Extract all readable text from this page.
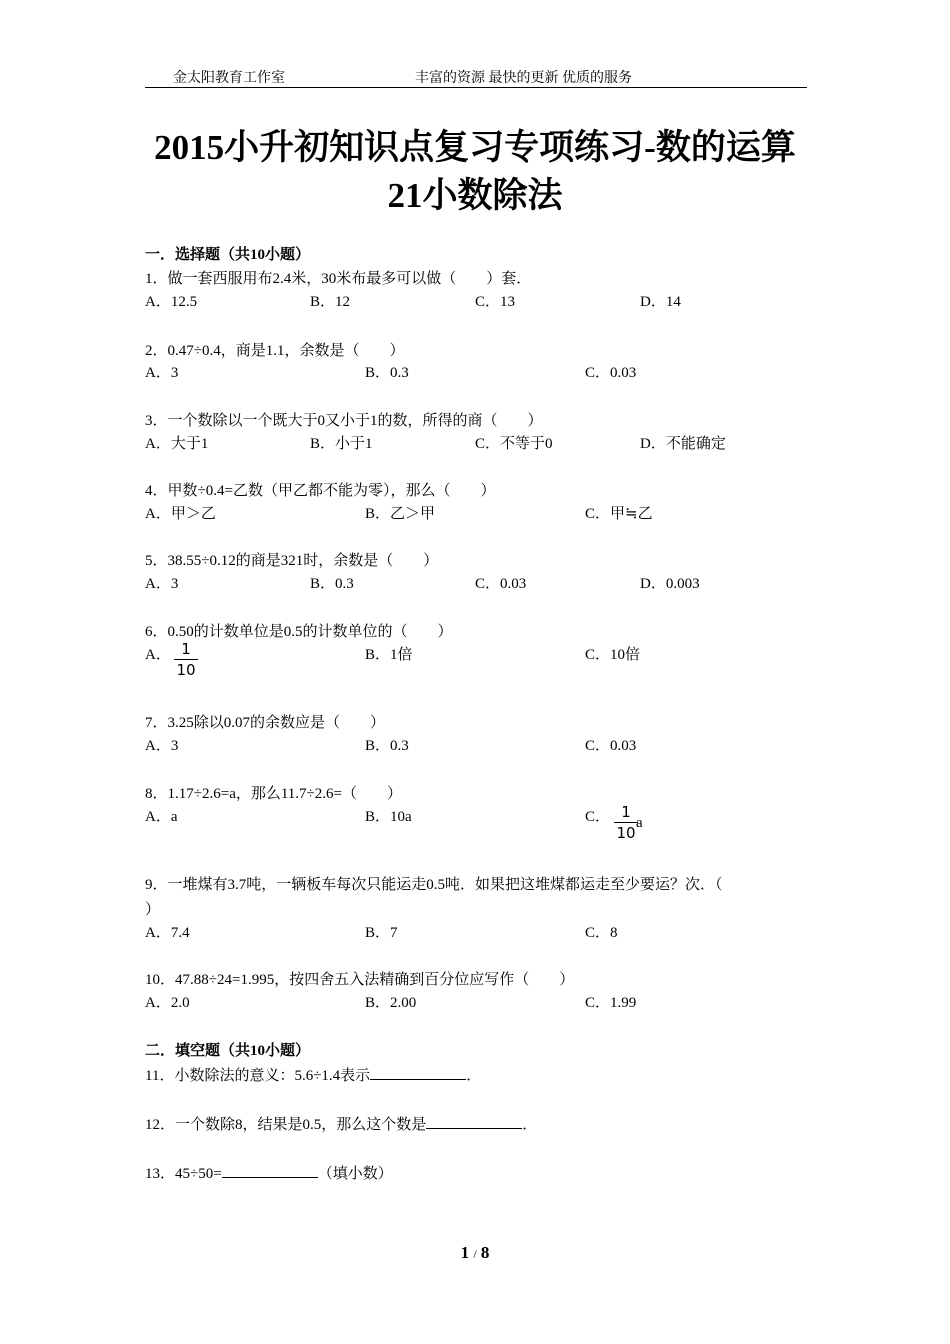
金太阳教育工作室	丰富的资源 最快的更新 优质的服务
2015小升初知识点复习专项练习-数的运算
21小数除法
一．选择题（共10小题）
1．做一套西服用布2.4米，30米布最多可以做（　　）套．
A．12.5	B．12	C．13	D．14
2．0.47÷0.4，商是1.1，余数是（　　）
A．3	B．0.3	C．0.03
3．一个数除以一个既大于0又小于1的数，所得的商（　　）
A．大于1	B．小于1	C．不等于0	D．不能确定
4．甲数÷0.4=乙数（甲乙都不能为零），那么（　　）
A．甲＞乙	B．乙＞甲	C．甲≒乙
5．38.55÷0.12的商是321时，余数是（　　）
A．3	B．0.3	C．0.03	D．0.003
6．0.50的计数单位是0.5的计数单位的（　　）
A． 1
10
B．1倍	C．10倍
7．3.25除以0.07的余数应是（　　）
A．3	B．0.3	C．0.03
8．1.17÷2.6=a，那么11.7÷2.6=（　　）
A．a	B．10a	C． 1
10
a
9．一堆煤有3.7吨，一辆板车每次只能运走0.5吨．如果把这堆煤都运走至少要运？次．（
）
A．7.4	B．7	C．8
10．47.88÷24=1.995，按四舍五入法精确到百分位应写作（　　）
A．2.0	B．2.00	C．1.99
二．填空题（共10小题）
11．小数除法的意义：5.6÷1.4表示	．
12．一个数除8，结果是0.5，那么这个数是	．
13．45÷50=	（填小数）
1 / 8
